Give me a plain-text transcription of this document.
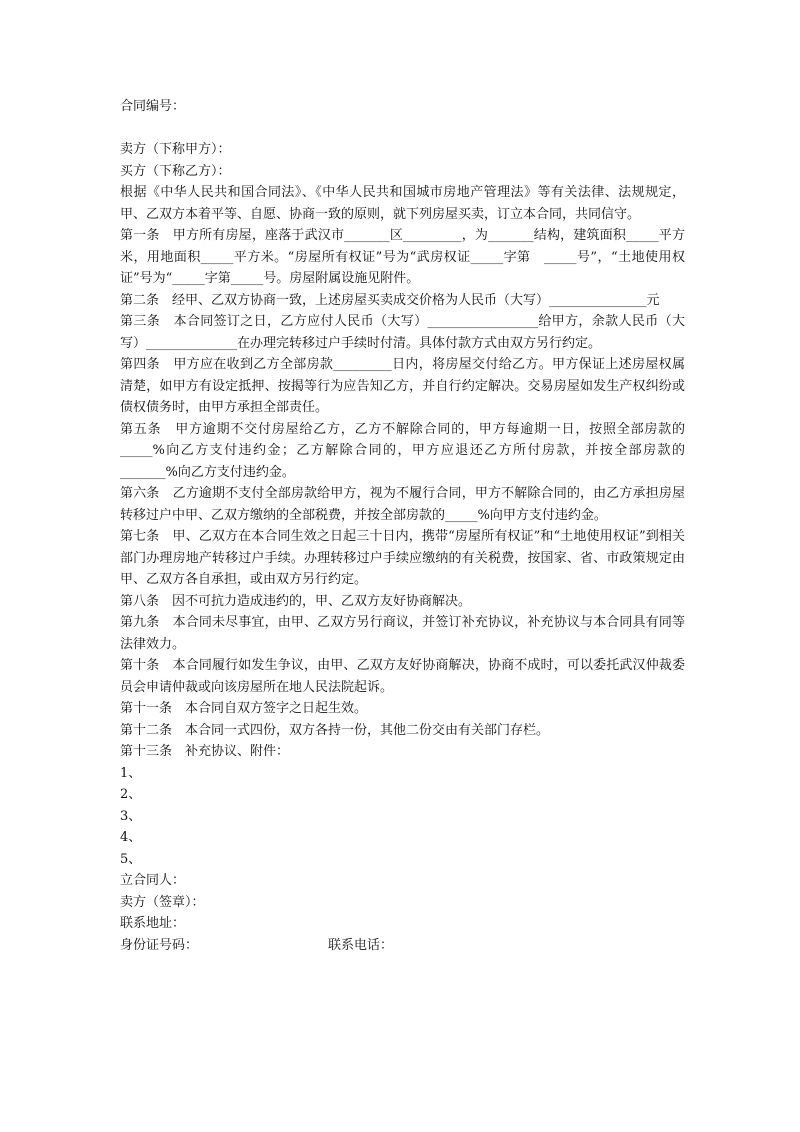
合同编号：
卖方（下称甲方）：
买方（下称乙方）：
根据《中华人民共和国合同法》、《中华人民共和国城市房地产管理法》等有关法律、法规规定，甲、乙双方本着平等、自愿、协商一致的原则，就下列房屋买卖，订立本合同，共同信守。
第一条　甲方所有房屋，座落于武汉市_______区_________，为_______结构，建筑面积_____平方米，用地面积_____平方米。“房屋所有权证”号为“武房权证_____字第　_____号”，“土地使用权证”号为“_____字第_____号。房屋附属设施见附件。
第二条　经甲、乙双方协商一致，上述房屋买卖成交价格为人民币（大写）_______________元
第三条　本合同签订之日，乙方应付人民币（大写）_________________给甲方，余款人民币（大写）______________在办理完转移过户手续时付清。具体付款方式由双方另行约定。
第四条　甲方应在收到乙方全部房款_________日内，将房屋交付给乙方。甲方保证上述房屋权属清楚，如甲方有设定抵押、按揭等行为应告知乙方，并自行约定解决。交易房屋如发生产权纠纷或债权债务时，由甲方承担全部责任。
第五条　甲方逾期不交付房屋给乙方，乙方不解除合同的，甲方每逾期一日，按照全部房款的_____%向乙方支付违约金；乙方解除合同的，甲方应退还乙方所付房款，并按全部房款的_______%向乙方支付违约金。
第六条　乙方逾期不支付全部房款给甲方，视为不履行合同，甲方不解除合同的，由乙方承担房屋转移过户中甲、乙双方缴纳的全部税费，并按全部房款的_____%向甲方支付违约金。
第七条　甲、乙双方在本合同生效之日起三十日内，携带“房屋所有权证”和“土地使用权证”到相关部门办理房地产转移过户手续。办理转移过户手续应缴纳的有关税费，按国家、省、市政策规定由甲、乙双方各自承担，或由双方另行约定。
第八条　因不可抗力造成违约的，甲、乙双方友好协商解决。
第九条　本合同未尽事宜，由甲、乙双方另行商议，并签订补充协议，补充协议与本合同具有同等法律效力。
第十条　本合同履行如发生争议，由甲、乙双方友好协商解决，协商不成时，可以委托武汉仲裁委员会申请仲裁或向该房屋所在地人民法院起诉。
第十一条　本合同自双方签字之日起生效。
第十二条　本合同一式四份，双方各持一份，其他二份交由有关部门存栏。
第十三条　补充协议、附件：
1、
2、
3、
4、
5、
立合同人：
卖方（签章）：
联系地址：
身份证号码：	联系电话：
